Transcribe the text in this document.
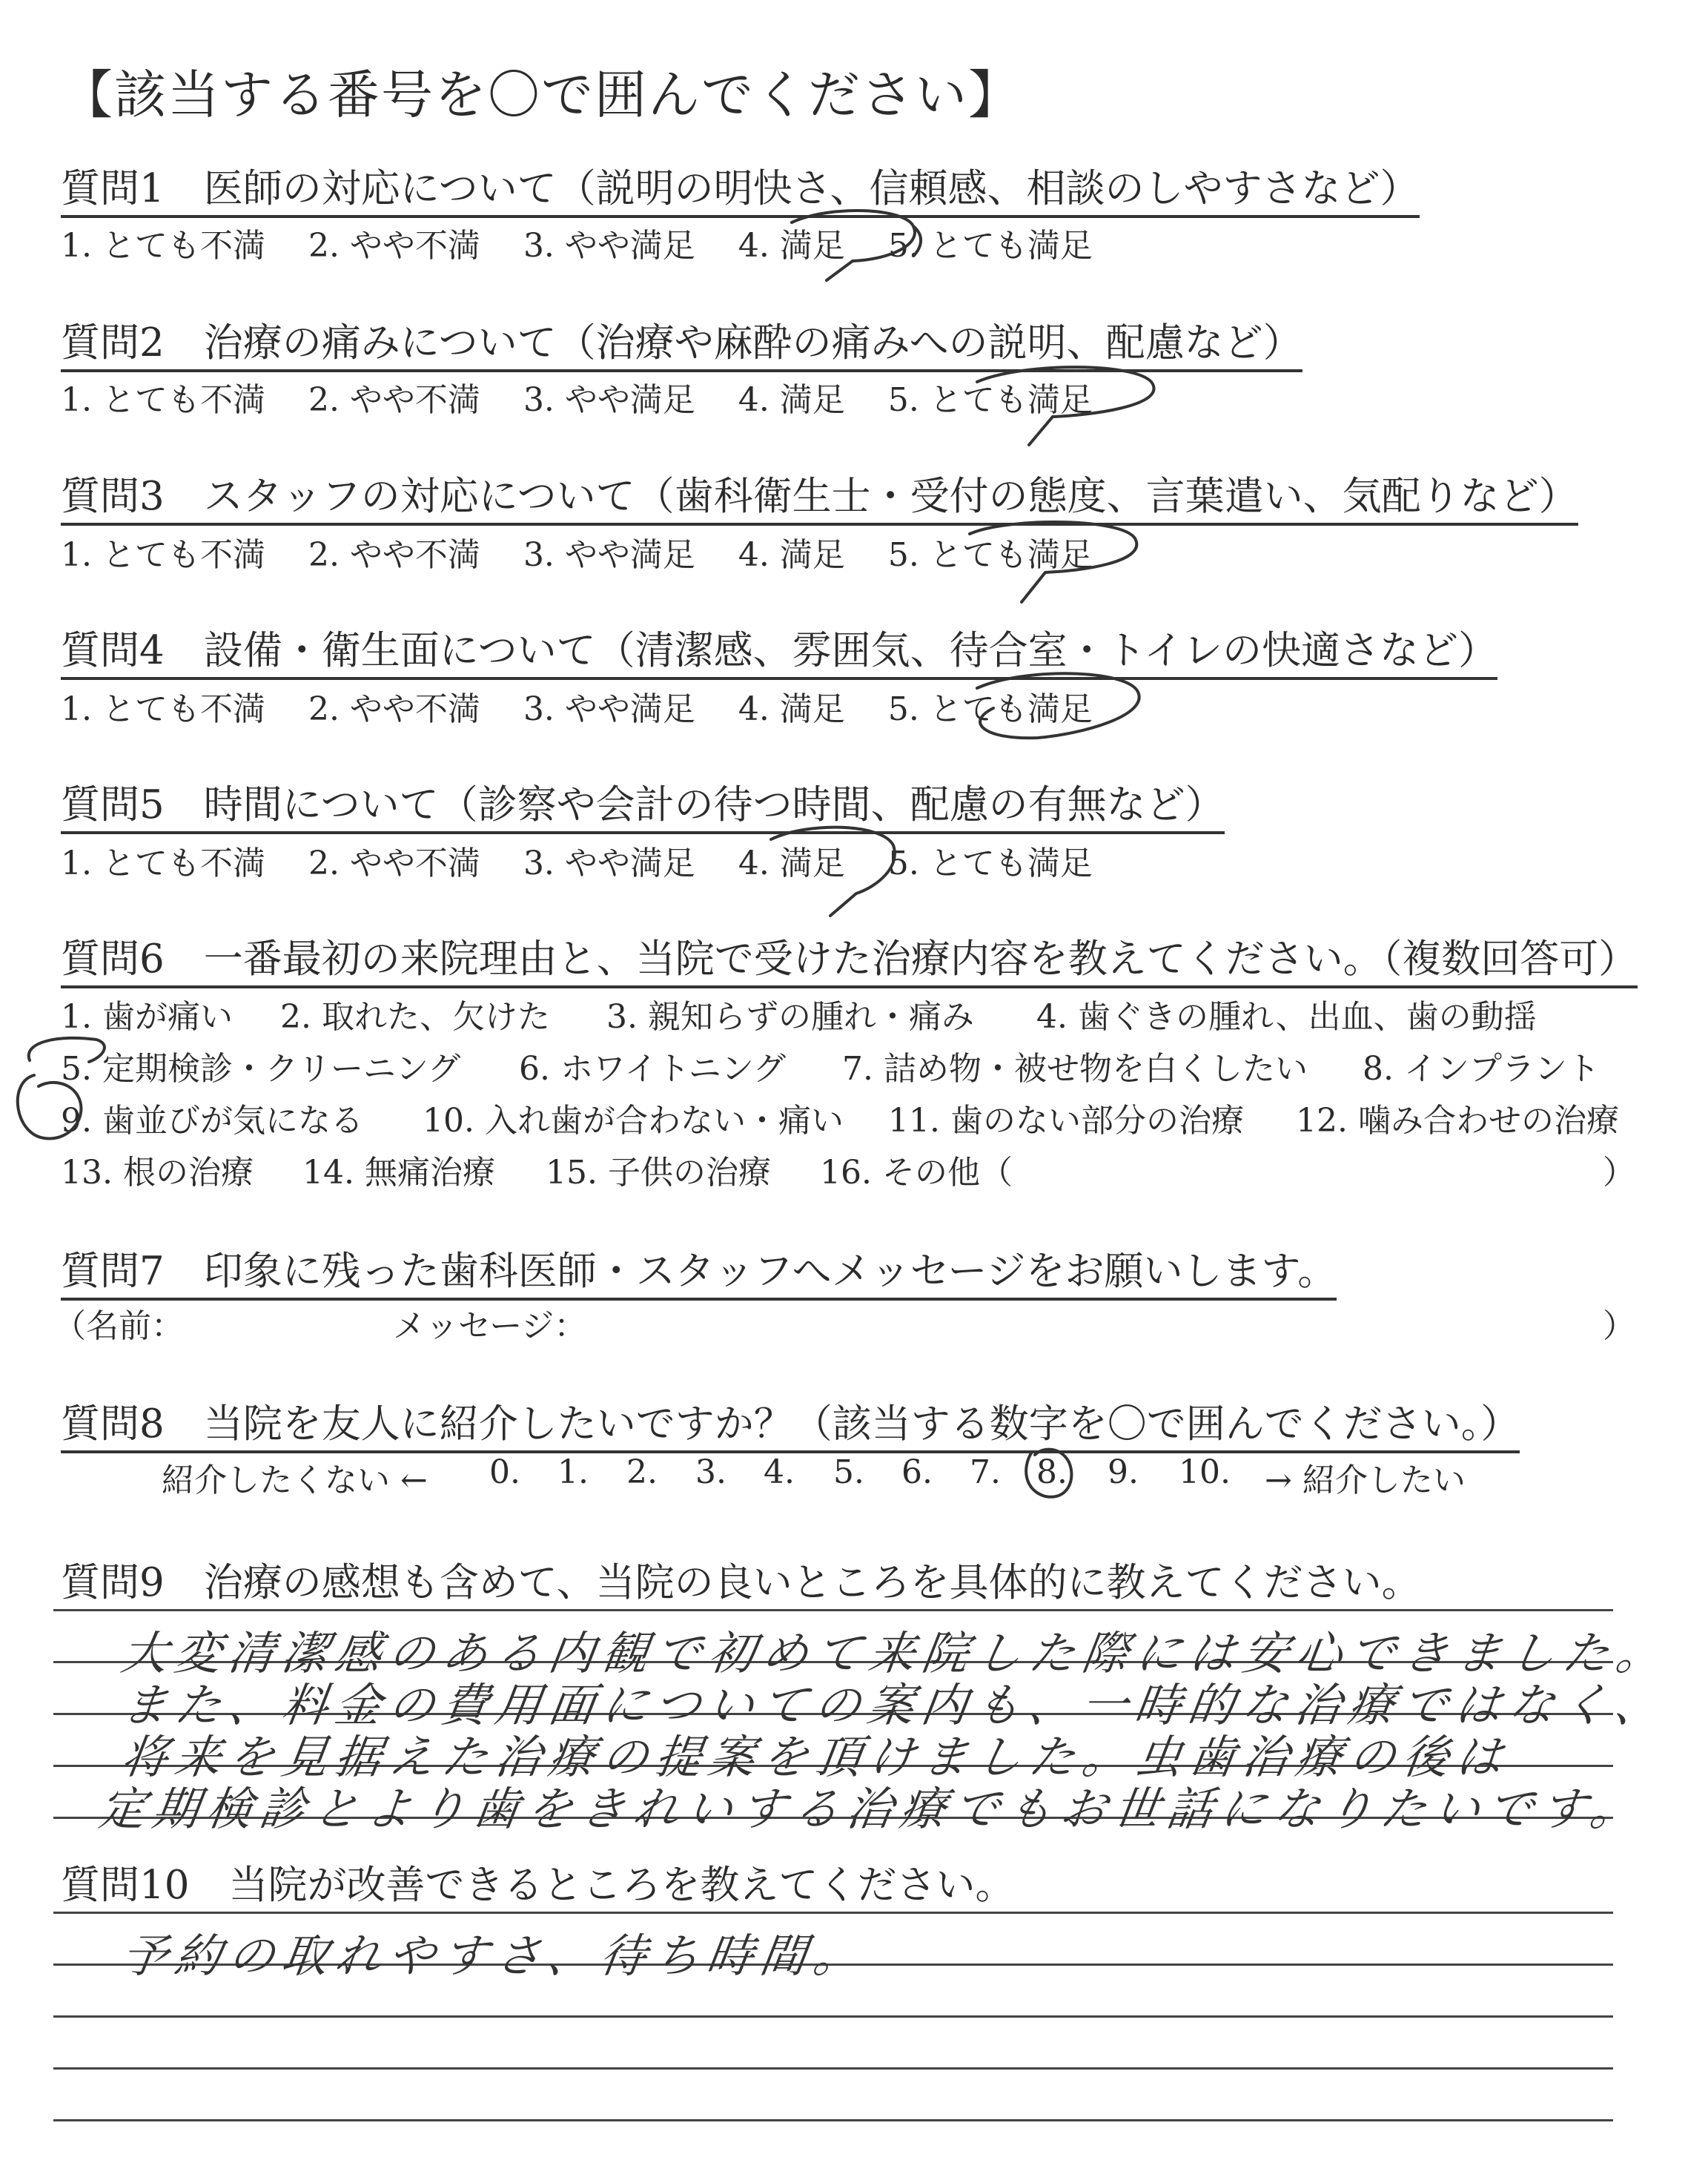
【該当する番号を〇で囲んでください】
質問1　医師の対応について（説明の明快さ、信頼感、相談のしやすさなど）
1. とても不満 2. やや不満 3. やや満足 4. 満足 5. とても満足
質問2　治療の痛みについて（治療や麻酔の痛みへの説明、配慮など）
1. とても不満 2. やや不満 3. やや満足 4. 満足 5. とても満足
質問3　スタッフの対応について（歯科衛生士・受付の態度、言葉遣い、気配りなど）
1. とても不満 2. やや不満 3. やや満足 4. 満足 5. とても満足
質問4　設備・衛生面について（清潔感、雰囲気、待合室・トイレの快適さなど）
1. とても不満 2. やや不満 3. やや満足 4. 満足 5. とても満足
質問5　時間について（診察や会計の待つ時間、配慮の有無など）
1. とても不満 2. やや不満 3. やや満足 4. 満足 5. とても満足
質問6　一番最初の来院理由と、当院で受けた治療内容を教えてください。（複数回答可）
1. 歯が痛い 2. 取れた、欠けた 3. 親知らずの腫れ・痛み 4. 歯ぐきの腫れ、出血、歯の動揺
5. 定期検診・クリーニング 6. ホワイトニング 7. 詰め物・被せ物を白くしたい 8. インプラント
9. 歯並びが気になる 10. 入れ歯が合わない・痛い 11. 歯のない部分の治療 12. 噛み合わせの治療
13. 根の治療 14. 無痛治療 15. 子供の治療 16. その他（	）
質問7　印象に残った歯科医師・スタッフへメッセージをお願いします。
（名前：	メッセージ：	）
質問8　当院を友人に紹介したいですか？（該当する数字を〇で囲んでください。）
紹介したくない ← 0. 1. 2. 3. 4. 5. 6. 7. 8. 9. 10. → 紹介したい
質問9　治療の感想も含めて、当院の良いところを具体的に教えてください。
大変清潔感のある内観で初めて来院した際には安心できました。
また、料金の費用面についての案内も、一時的な治療ではなく、
将来を見据えた治療の提案を頂けました。虫歯治療の後は
定期検診とより歯をきれいする治療でもお世話になりたいです。
質問10　当院が改善できるところを教えてください。
予約の取れやすさ、待ち時間。
